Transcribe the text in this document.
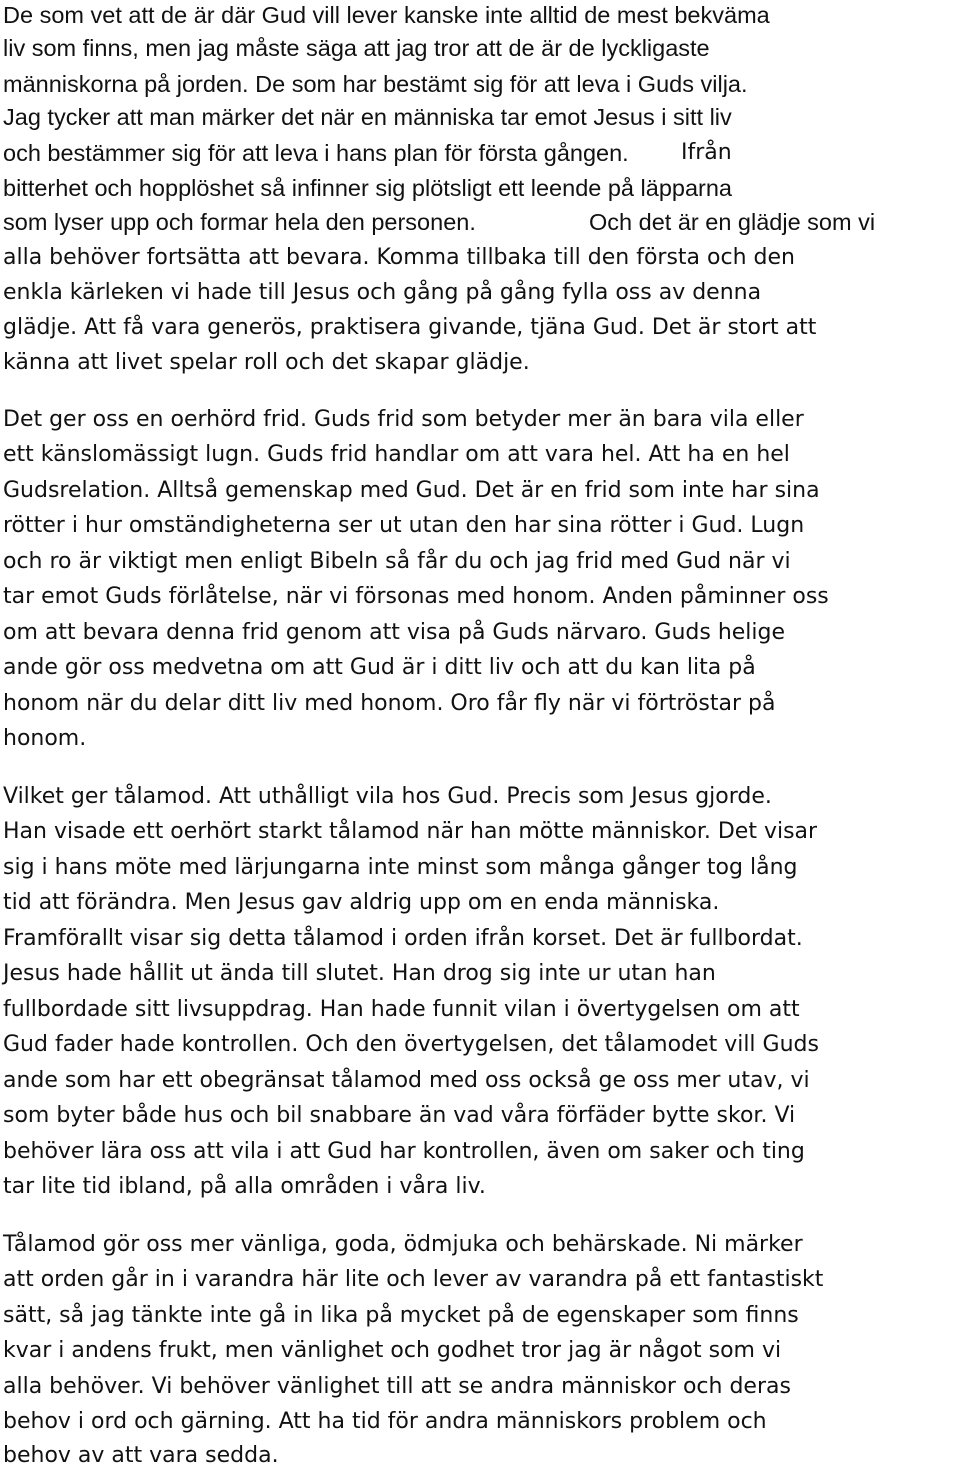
De som vet att de är där Gud vill lever kanske inte alltid de mest bekväma
liv som finns, men jag måste säga att jag tror att de är de lyckligaste
människorna på jorden. De som har bestämt sig för att leva i Guds vilja.
Jag tycker att man märker det när en människa tar emot Jesus i sitt liv
och bestämmer sig för att leva i hans plan för första gången. Ifrån
bitterhet och hopplöshet så infinner sig plötsligt ett leende på läpparna
som lyser upp och formar hela den personen.	Och det är en glädje som vi
alla behöver fortsätta att bevara. Komma tillbaka till den första och den
enkla kärleken vi hade till Jesus och gång på gång fylla oss av denna
glädje. Att få vara generös, praktisera givande, tjäna Gud. Det är stort att
känna att livet spelar roll och det skapar glädje.
Det ger oss en oerhörd frid. Guds frid som betyder mer än bara vila eller
ett känslomässigt lugn. Guds frid handlar om att vara hel. Att ha en hel
Gudsrelation. Alltså gemenskap med Gud. Det är en frid som inte har sina
rötter i hur omständigheterna ser ut utan den har sina rötter i Gud. Lugn
och ro är viktigt men enligt Bibeln så får du och jag frid med Gud när vi
tar emot Guds förlåtelse, när vi försonas med honom. Anden påminner oss
om att bevara denna frid genom att visa på Guds närvaro. Guds helige
ande gör oss medvetna om att Gud är i ditt liv och att du kan lita på
honom när du delar ditt liv med honom. Oro får fly när vi förtröstar på
honom.
Vilket ger tålamod. Att uthålligt vila hos Gud. Precis som Jesus gjorde.
Han visade ett oerhört starkt tålamod när han mötte människor. Det visar
sig i hans möte med lärjungarna inte minst som många gånger tog lång
tid att förändra. Men Jesus gav aldrig upp om en enda människa.
Framförallt visar sig detta tålamod i orden ifrån korset. Det är fullbordat.
Jesus hade hållit ut ända till slutet. Han drog sig inte ur utan han
fullbordade sitt livsuppdrag. Han hade funnit vilan i övertygelsen om att
Gud fader hade kontrollen. Och den övertygelsen, det tålamodet vill Guds
ande som har ett obegränsat tålamod med oss också ge oss mer utav, vi
som byter både hus och bil snabbare än vad våra förfäder bytte skor. Vi
behöver lära oss att vila i att Gud har kontrollen, även om saker och ting
tar lite tid ibland, på alla områden i våra liv.
Tålamod gör oss mer vänliga, goda, ödmjuka och behärskade. Ni märker
att orden går in i varandra här lite och lever av varandra på ett fantastiskt
sätt, så jag tänkte inte gå in lika på mycket på de egenskaper som finns
kvar i andens frukt, men vänlighet och godhet tror jag är något som vi
alla behöver. Vi behöver vänlighet till att se andra människor och deras
behov i ord och gärning. Att ha tid för andra människors problem och
behov av att vara sedda.
